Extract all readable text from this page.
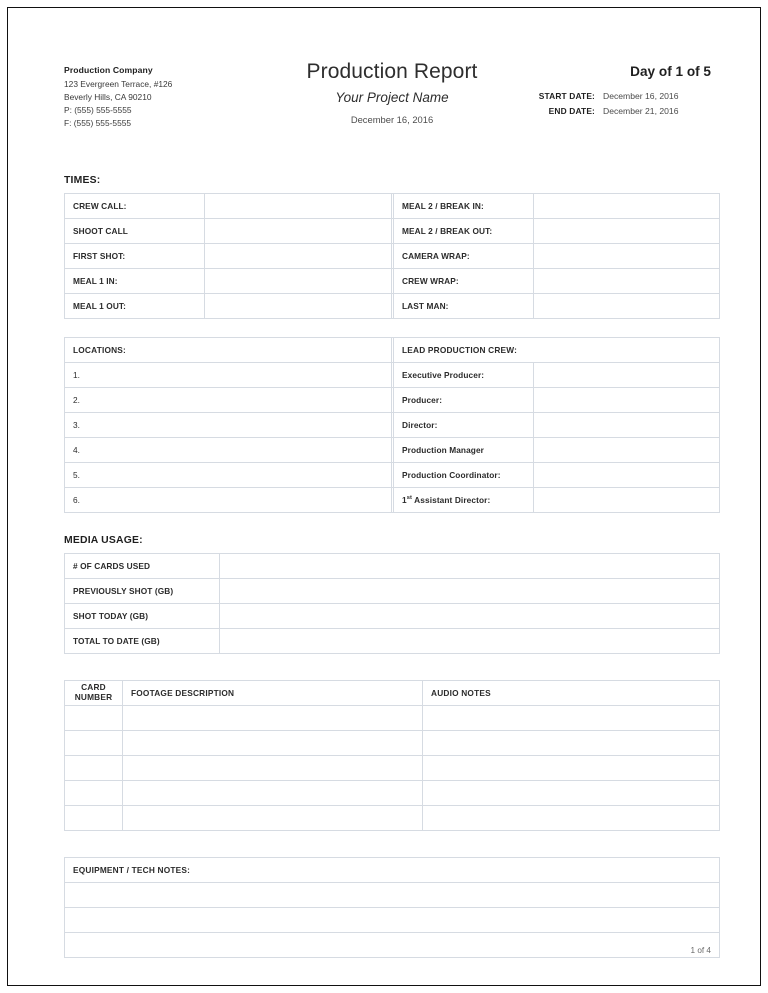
Production Company
123 Evergreen Terrace, #126
Beverly Hills, CA 90210
P: (555) 555-5555
F: (555) 555-5555
Production Report
Your Project Name
December 16, 2016
Day of 1 of 5
START DATE: December 16, 2016
END DATE: December 21, 2016
TIMES:
CREW CALL:			MEAL 2 / BREAK IN:	
SHOOT CALL			MEAL 2 / BREAK OUT:	
FIRST SHOT:			CAMERA WRAP:	
MEAL 1 IN:			CREW WRAP:	
MEAL 1 OUT:			LAST MAN:	
LOCATIONS:		LEAD PRODUCTION CREW:	
1.		Executive Producer:	
2.		Producer:	
3.		Director:	
4.		Production Manager	
5.		Production Coordinator:	
6.		1st Assistant Director:	
MEDIA USAGE:
# OF CARDS USED	
PREVIOUSLY SHOT (GB)	
SHOT TODAY (GB)	
TOTAL TO DATE (GB)	
CARD
NUMBER	FOOTAGE DESCRIPTION	AUDIO NOTES

EQUIPMENT / TECH NOTES:

1 of 4
